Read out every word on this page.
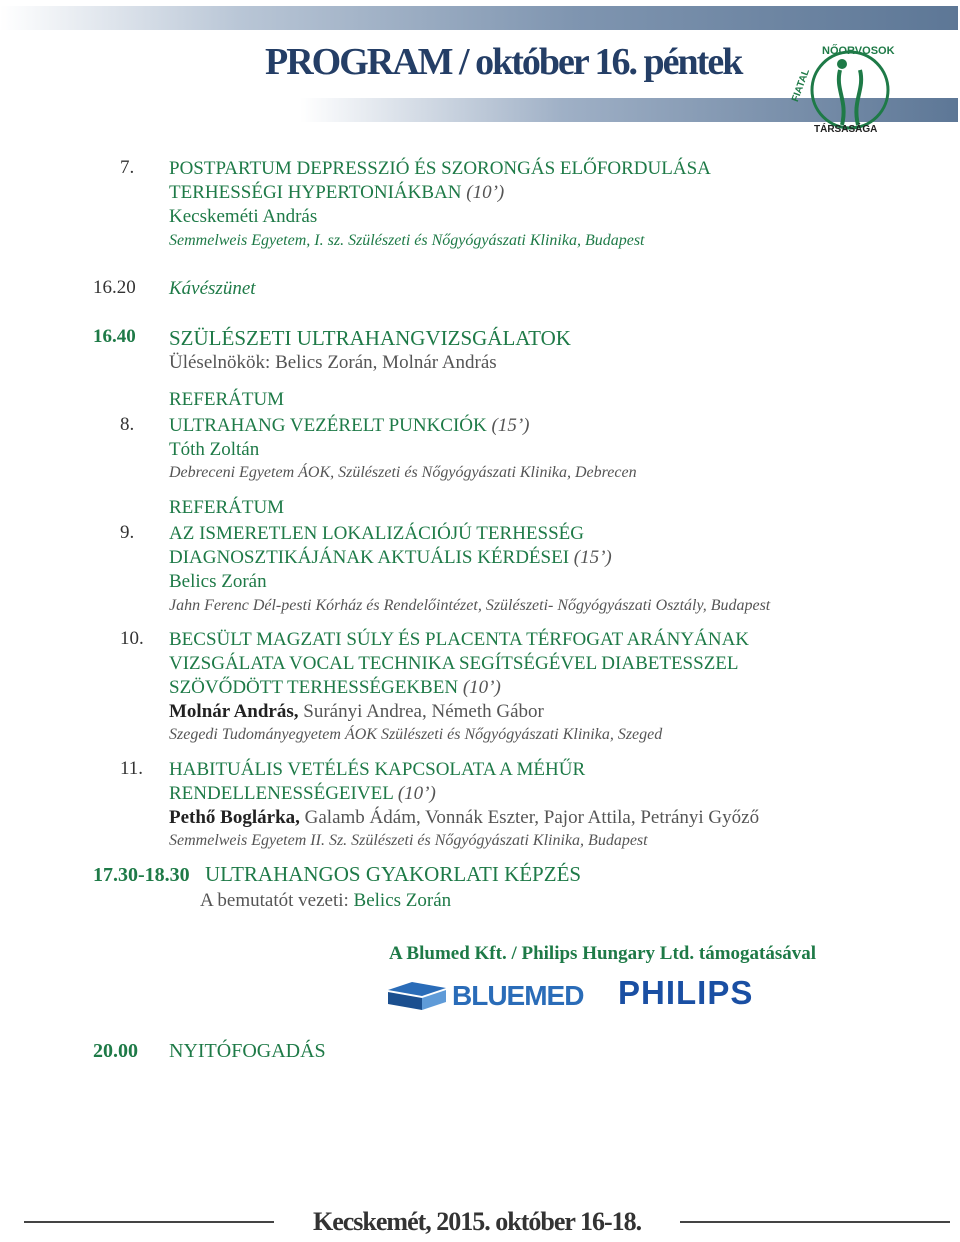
PROGRAM / október 16. péntek	NŐORVOSOK
FIATAL
TÁRSASÁGA
7. POSTPARTUM DEPRESSZIÓ ÉS SZORONGÁS ELŐFORDULÁSA
TERHESSÉGI HYPERTONIÁKBAN (10’)
Kecskeméti András
Semmelweis Egyetem, I. sz. Szülészeti és Nőgyógyászati Klinika, Budapest
16.20 Kávészünet
16.40 SZÜLÉSZETI ULTRAHANGVIZSGÁLATOK
Üléselnökök: Belics Zorán, Molnár András
REFERÁTUM
8. ULTRAHANG VEZÉRELT PUNKCIÓK (15’)
Tóth Zoltán
Debreceni Egyetem ÁOK, Szülészeti és Nőgyógyászati Klinika, Debrecen
REFERÁTUM
9. AZ ISMERETLEN LOKALIZÁCIÓJÚ TERHESSÉG
DIAGNOSZTIKÁJÁNAK AKTUÁLIS KÉRDÉSEI (15’)
Belics Zorán
Jahn Ferenc Dél-pesti Kórház és Rendelőintézet, Szülészeti- Nőgyógyászati Osztály, Budapest
10. BECSÜLT MAGZATI SÚLY ÉS PLACENTA TÉRFOGAT ARÁNYÁNAK
VIZSGÁLATA VOCAL TECHNIKA SEGÍTSÉGÉVEL DIABETESSZEL
SZÖVŐDÖTT TERHESSÉGEKBEN (10’)
Molnár András, Surányi Andrea, Németh Gábor
Szegedi Tudományegyetem ÁOK Szülészeti és Nőgyógyászati Klinika, Szeged
11. HABITUÁLIS VETÉLÉS KAPCSOLATA A MÉHŰR
RENDELLENESSÉGEIVEL (10’)
Pethő Boglárka, Galamb Ádám, Vonnák Eszter, Pajor Attila, Petrányi Győző
Semmelweis Egyetem II. Sz. Szülészeti és Nőgyógyászati Klinika, Budapest
17.30-18.30 ULTRAHANGOS GYAKORLATI KÉPZÉS
A bemutatót vezeti: Belics Zorán
A Blumed Kft. / Philips Hungary Ltd. támogatásával
BLUEMED PHILIPS
20.00 NYITÓFOGADÁS
Kecskemét, 2015. október 16-18.
